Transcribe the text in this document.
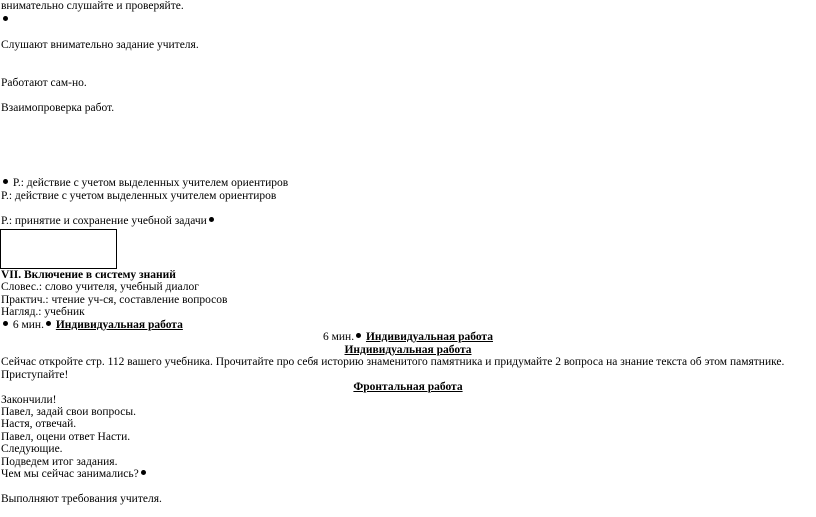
внимательно слушайте и проверяйте.
Слушают внимательно задание учителя.
Работают сам-но.
Взаимопроверка работ.
Р.: действие с учетом выделенных учителем ориентиров
Р.: действие с учетом выделенных учителем ориентиров
Р.: принятие и сохранение учебной задачи
VII. Включение в систему знаний
Словес.: слово учителя, учебный диалог
Практич.: чтение уч-ся, составление вопросов
Нагляд.: учебник
6 мин. Индивидуальная работа
6 мин. Индивидуальная работа
Индивидуальная работа
Сейчас откройте стр. 112 вашего учебника. Прочитайте про себя историю знаменитого памятника и придумайте 2 вопроса на знание текста об этом памятнике.
Приступайте!
Фронтальная работа
Закончили!
Павел, задай свои вопросы.
Настя, отвечай.
Павел, оцени ответ Насти.
Следующие.
Подведем итог задания.
Чем мы сейчас занимались?
Выполняют требования учителя.
